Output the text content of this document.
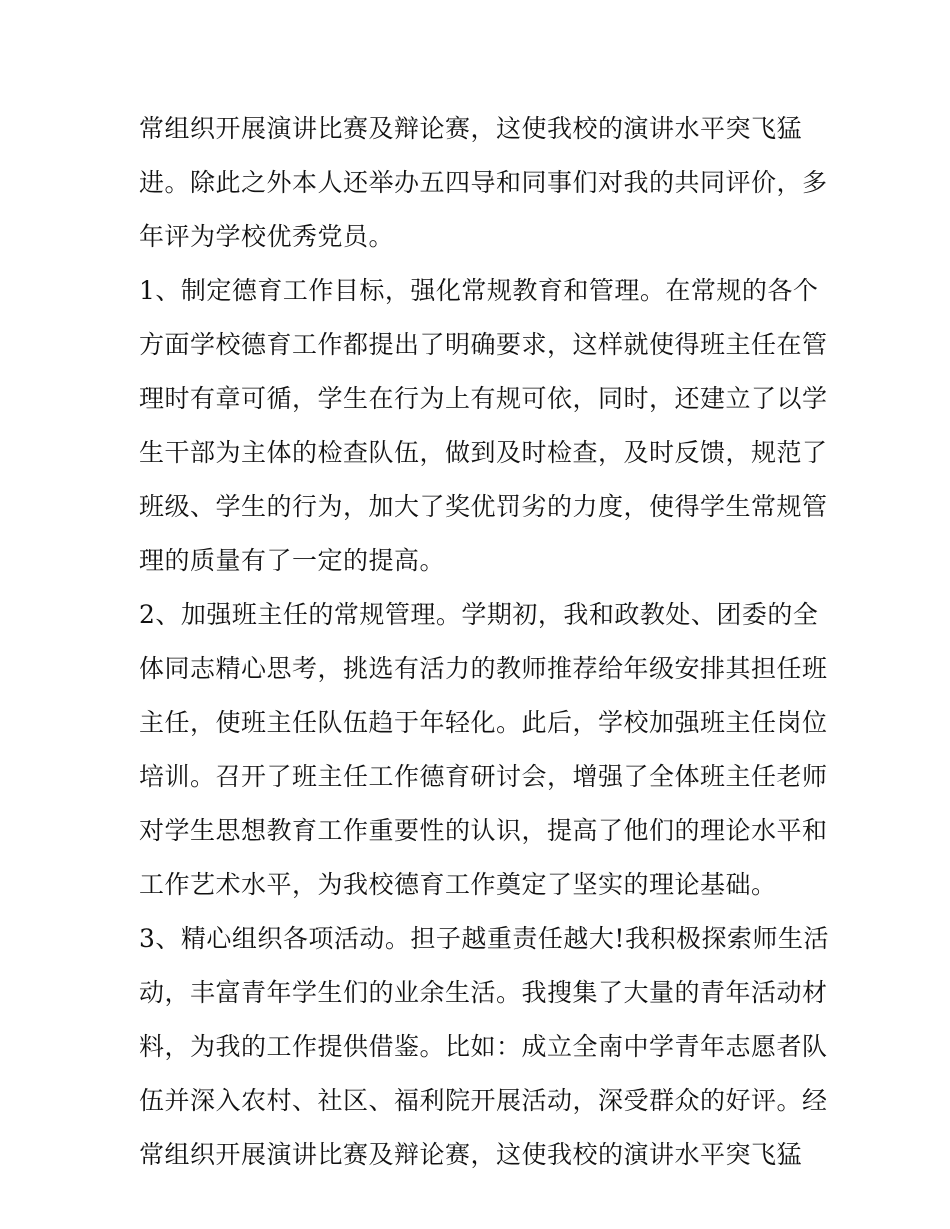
常组织开展演讲比赛及辩论赛，这使我校的演讲水平突飞猛
进。除此之外本人还举办五四导和同事们对我的共同评价，多
年评为学校优秀党员。
1、制定德育工作目标，强化常规教育和管理。在常规的各个
方面学校德育工作都提出了明确要求，这样就使得班主任在管
理时有章可循，学生在行为上有规可依，同时，还建立了以学
生干部为主体的检查队伍，做到及时检查，及时反馈，规范了
班级、学生的行为，加大了奖优罚劣的力度，使得学生常规管
理的质量有了一定的提高。
2、加强班主任的常规管理。学期初，我和政教处、团委的全
体同志精心思考，挑选有活力的教师推荐给年级安排其担任班
主任，使班主任队伍趋于年轻化。此后，学校加强班主任岗位
培训。召开了班主任工作德育研讨会，增强了全体班主任老师
对学生思想教育工作重要性的认识，提高了他们的理论水平和
工作艺术水平，为我校德育工作奠定了坚实的理论基础。
3、精心组织各项活动。担子越重责任越大!我积极探索师生活
动，丰富青年学生们的业余生活。我搜集了大量的青年活动材
料，为我的工作提供借鉴。比如：成立全南中学青年志愿者队
伍并深入农村、社区、福利院开展活动，深受群众的好评。经
常组织开展演讲比赛及辩论赛，这使我校的演讲水平突飞猛
